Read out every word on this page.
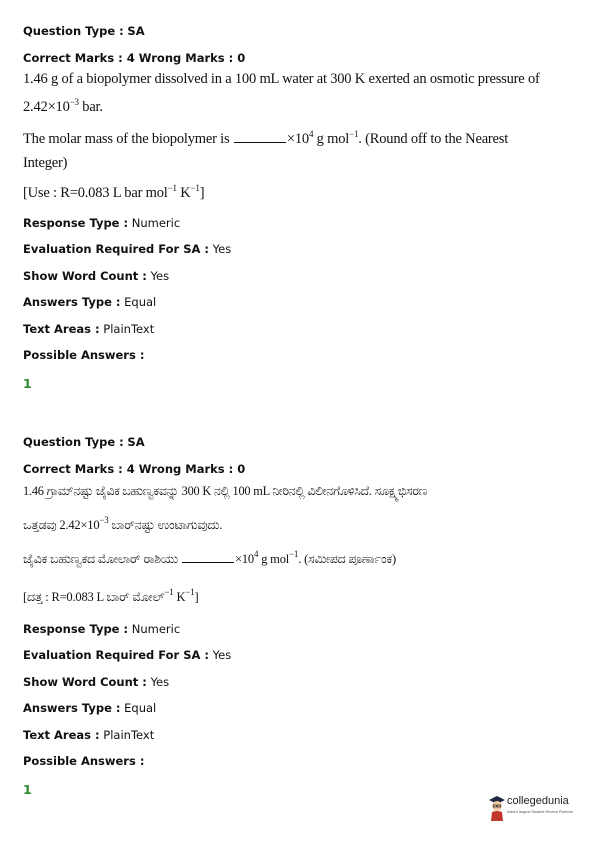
Question Type : SA
Correct Marks : 4 Wrong Marks : 0
1.46 g of a biopolymer dissolved in a 100 mL water at 300 K exerted an osmotic pressure of
$2.42\times 10^{-3}$ bar.
The molar mass of the biopolymer is	$\times 10^4$ g mol$^{-1}$. (Round off to the Nearest
Integer)
[Use : R=0.083 L bar mol$^{-1}$ $K^{-1}$]
Response Type : Numeric
Evaluation Required For SA : Yes
Show Word Count : Yes
Answers Type : Equal
Text Areas : PlainText
Possible Answers :
1
Question Type : SA
Correct Marks : 4 Wrong Marks : 0
1.46 ಗ್ರಾಮ್‌ನಷ್ಟು ಜೈವಿಕ ಬಹುಣ್ವಕವನ್ನು 300 K ನಲ್ಲಿ 100 mL ನೀರಿನಲ್ಲಿ ವಿಲೀನಗೊಳಿಸಿದೆ. ಸೂಕ್ಷ್ಮಭಿಸರಣ
ಒತ್ತಡವು $2.42\times 10^{-3}$ ಬಾರ್‌ನಷ್ಟು ಉಂಟಾಗುವುದು.
ಜೈವಿಕ ಬಹುಣ್ವಕದ ಮೋಲಾರ್ ರಾಶಿಯು	$\times 10^4$ g mol$^{-1}$. (ಸಮೀಪದ ಪೂರ್ಣಾಂಕ)
[ದತ್ತ : R=0.083 L ಬಾರ್ ಮೋಲ್$^{-1}$ $K^{-1}$]
Response Type : Numeric
Evaluation Required For SA : Yes
Show Word Count : Yes
Answers Type : Equal
Text Areas : PlainText
Possible Answers :
1
collegedunia
India's largest Student Review Platform
